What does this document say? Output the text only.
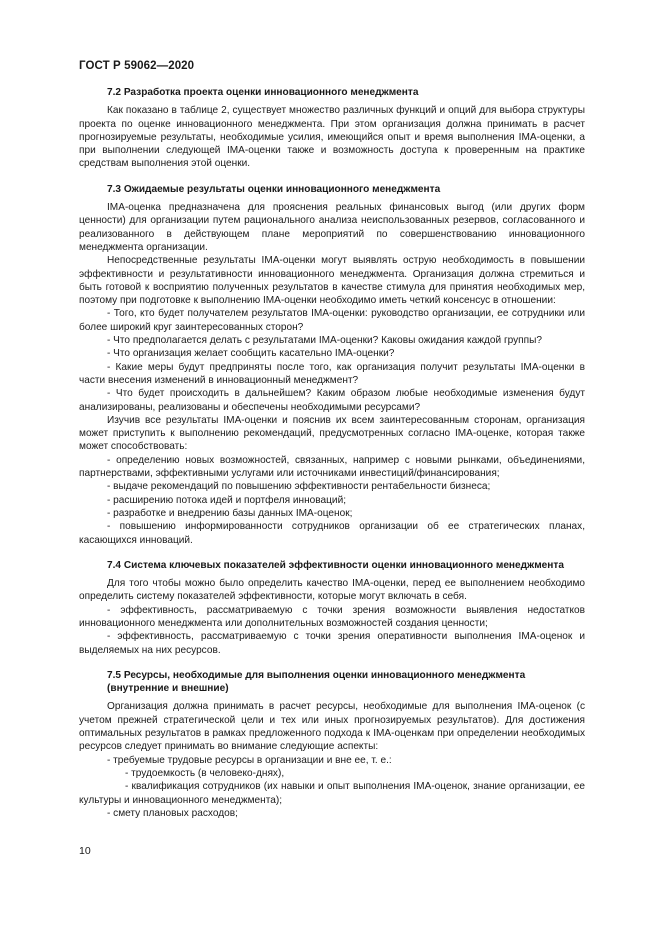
ГОСТ Р 59062—2020
7.2 Разработка проекта оценки инновационного менеджмента

Как показано в таблице 2, существует множество различных функций и опций для выбора структуры проекта по оценке инновационного менеджмента. При этом организация должна принимать в расчет прогнозируемые результаты, необходимые усилия, имеющийся опыт и время выполнения IMA-оценки, а при выполнении следующей IMA-оценки также и возможность доступа к проверенным на практике средствам выполнения этой оценки.

7.3 Ожидаемые результаты оценки инновационного менеджмента

IMA-оценка предназначена для прояснения реальных финансовых выгод (или других форм ценности) для организации путем рационального анализа неиспользованных резервов, согласованного и реализованного в действующем плане мероприятий по совершенствованию инновационного менеджмента организации.

Непосредственные результаты IMA-оценки могут выявлять острую необходимость в повышении эффективности и результативности инновационного менеджмента. Организация должна стремиться и быть готовой к восприятию полученных результатов в качестве стимула для принятия необходимых мер, поэтому при подготовке к выполнению IMA-оценки необходимо иметь четкий консенсус в отношении:

- Того, кто будет получателем результатов IMA-оценки: руководство организации, ее сотрудники или более широкий круг заинтересованных сторон?

- Что предполагается делать с результатами IMA-оценки? Каковы ожидания каждой группы?

- Что организация желает сообщить касательно IMA-оценки?

- Какие меры будут предприняты после того, как организация получит результаты IMA-оценки в части внесения изменений в инновационный менеджмент?

- Что будет происходить в дальнейшем? Каким образом любые необходимые изменения будут анализированы, реализованы и обеспечены необходимыми ресурсами?

Изучив все результаты IMA-оценки и пояснив их всем заинтересованным сторонам, организация может приступить к выполнению рекомендаций, предусмотренных согласно IMA-оценке, которая также может способствовать:

- определению новых возможностей, связанных, например с новыми рынками, объединениями, партнерствами, эффективными услугами или источниками инвестиций/финансирования;

- выдаче рекомендаций по повышению эффективности рентабельности бизнеса;

- расширению потока идей и портфеля инноваций;

- разработке и внедрению базы данных IMA-оценок;

- повышению информированности сотрудников организации об ее стратегических планах, касающихся инноваций.

7.4 Система ключевых показателей эффективности оценки инновационного менеджмента

Для того чтобы можно было определить качество IMA-оценки, перед ее выполнением необходимо определить систему показателей эффективности, которые могут включать в себя.

- эффективность, рассматриваемую с точки зрения возможности выявления недостатков инновационного менеджмента или дополнительных возможностей создания ценности;

- эффективность, рассматриваемую с точки зрения оперативности выполнения IMA-оценок и выделяемых на них ресурсов.

7.5 Ресурсы, необходимые для выполнения оценки инновационного менеджмента
(внутренние и внешние)

Организация должна принимать в расчет ресурсы, необходимые для выполнения IMA-оценок (с учетом прежней стратегической цели и тех или иных прогнозируемых результатов). Для достижения оптимальных результатов в рамках предложенного подхода к IMA-оценкам при определении необходимых ресурсов следует принимать во внимание следующие аспекты:

- требуемые трудовые ресурсы в организации и вне ее, т. е.:

- трудоемкость (в человеко-днях),

- квалификация сотрудников (их навыки и опыт выполнения IMA-оценок, знание организации, ее культуры и инновационного менеджмента);

- смету плановых расходов;

10
